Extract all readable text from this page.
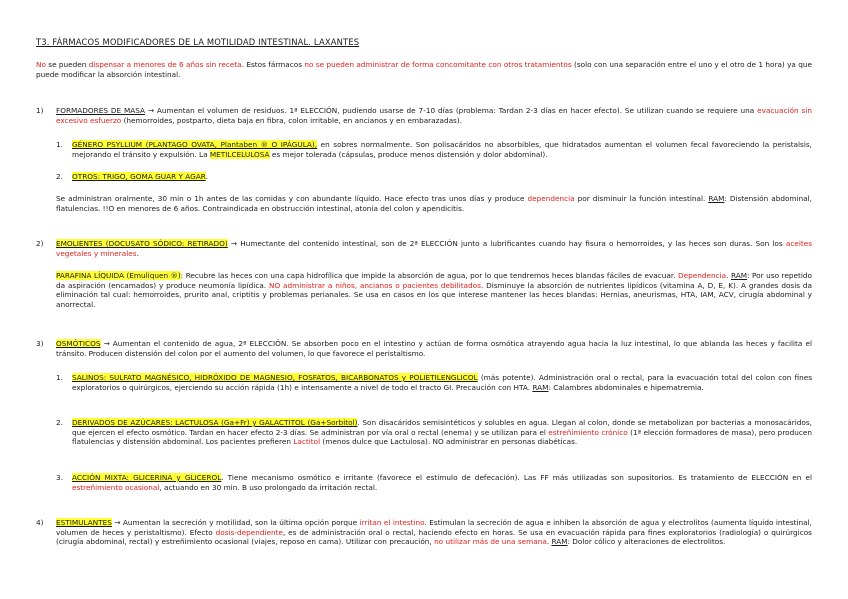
T3. FÁRMACOS MODIFICADORES DE LA MOTILIDAD INTESTINAL. LAXANTES
No se pueden dispensar a menores de 6 años sin receta. Estos fármacos no se pueden administrar de forma concomitante con otros tratamientos (solo con una separación entre el uno y el otro de 1 hora) ya que puede modificar la absorción intestinal.
1) FORMADORES DE MASA → Aumentan el volumen de residuos. 1ª ELECCIÓN, pudiendo usarse de 7-10 días (problema: Tardan 2-3 días en hacer efecto). Se utilizan cuando se requiere una evacuación sin excesivo esfuerzo (hemorroides, postparto, dieta baja en fibra, colon irritable, en ancianos y en embarazadas).
1. GÉNERO PSYLLIUM (PLANTAGO OVATA, Plantaben ® O IPÁGULA), en sobres normalmente. Son polisacáridos no absorbibles, que hidratados aumentan el volumen fecal favoreciendo la peristalsis, mejorando el tránsito y expulsión. La METILCELULOSA es mejor tolerada (cápsulas, produce menos distensión y dolor abdominal).
2. OTROS: TRIGO, GOMA GUAR Y AGAR.
Se administran oralmente, 30 min o 1h antes de las comidas y con abundante líquido. Hace efecto tras unos días y produce dependencia por disminuir la función intestinal. RAM: Distensión abdominal, flatulencias. !!O en menores de 6 años. Contraindicada en obstrucción intestinal, atonía del colon y apendicitis.
2) EMOLIENTES (DOCUSATO SÓDICO: RETIRADO) → Humectante del contenido intestinal, son de 2ª ELECCIÓN junto a lubrificantes cuando hay fisura o hemorroides, y las heces son duras. Son los aceites vegetales y minerales.
PARAFINA LÍQUIDA (Emuliquen ®): Recubre las heces con una capa hidrofílica que impide la absorción de agua, por lo que tendremos heces blandas fáciles de evacuar. Dependencia. RAM: Por uso repetido da aspiración (encamados) y produce neumonía lipídica. NO administrar a niños, ancianos o pacientes debilitados. Disminuye la absorción de nutrientes lipídicos (vitamina A, D, E, K). A grandes dosis da eliminación tal cual: hemorroides, prurito anal, criptitis y problemas perianales. Se usa en casos en los que interese mantener las heces blandas: Hernias, aneurismas, HTA, IAM, ACV, cirugía abdominal y anorrectal.
3) OSMÓTICOS → Aumentan el contenido de agua, 2ª ELECCIÓN. Se absorben poco en el intestino y actúan de forma osmótica atrayendo agua hacia la luz intestinal, lo que ablanda las heces y facilita el tránsito. Producen distensión del colon por el aumento del volumen, lo que favorece el peristaltismo.
1. SALINOS: SULFATO MAGNÉSICO, HIDRÓXIDO DE MAGNESIO, FOSFATOS, BICARBONATOS y POLIETILENGLICOL (más potente). Administración oral o rectal, para la evacuación total del colon con fines exploratorios o quirúrgicos, ejerciendo su acción rápida (1h) e intensamente a nivel de todo el tracto GI. Precaución con HTA. RAM: Calambres abdominales e hipematremia.
2. DERIVADOS DE AZÚCARES: LACTULOSA (Ga+Fr) y GALACTITOL (Ga+Sorbitol). Son disacáridos semisintéticos y solubles en agua. Llegan al colon, donde se metabolizan por bacterias a monosacáridos, que ejercen el efecto osmótico. Tardan en hacer efecto 2-3 días. Se administran por vía oral o rectal (enema) y se utilizan para el estreñimiento crónico (1ª elección formadores de masa), pero producen flatulencias y distensión abdominal. Los pacientes prefieren Lactitol (menos dulce que Lactulosa). NO administrar en personas diabéticas.
3. ACCIÓN MIXTA: GLICERINA y GLICEROL. Tiene mecanismo osmótico e irritante (favorece el estímulo de defecación). Las FF más utilizadas son supositorios. Es tratamiento de ELECCIÓN en el estreñimiento ocasional, actuando en 30 min. B uso prolongado da irritación rectal.
4) ESTIMULANTES → Aumentan la secreción y motilidad, son la última opción porque irritan el intestino. Estimulan la secreción de agua e inhiben la absorción de agua y electrolitos (aumenta líquido intestinal, volumen de heces y peristaltismo). Efecto dosis-dependiente, es de administración oral o rectal, haciendo efecto en horas. Se usa en evacuación rápida para fines exploratorios (radiología) o quirúrgicos (cirugía abdominal, rectal) y estreñimiento ocasional (viajes, reposo en cama). Utilizar con precaución, no utilizar más de una semana. RAM: Dolor cólico y alteraciones de electrolitos.
